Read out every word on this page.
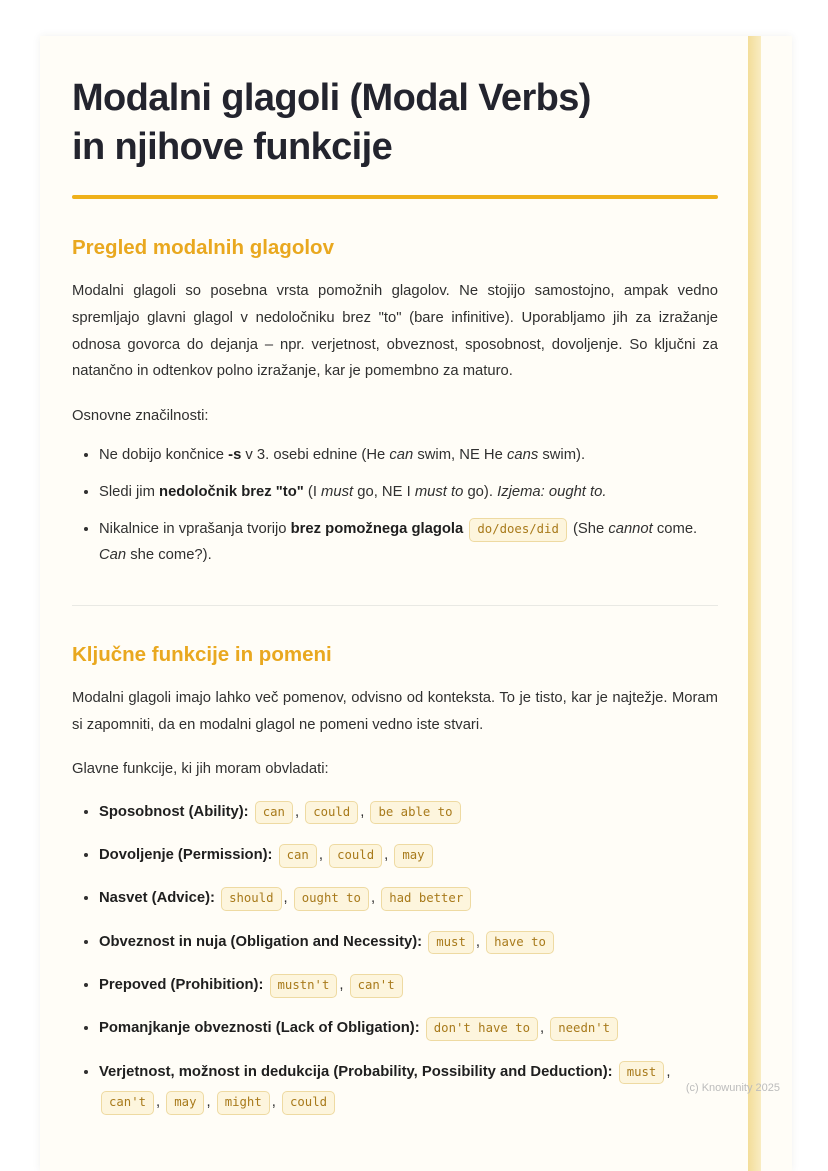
Modalni glagoli (Modal Verbs)
in njihove funkcije
Pregled modalnih glagolov

Modalni glagoli so posebna vrsta pomožnih glagolov. Ne stojijo samostojno, ampak vedno spremljajo glavni glagol v nedoločniku brez "to" (bare infinitive). Uporabljamo jih za izražanje odnosa govorca do dejanja – npr. verjetnost, obveznost, sposobnost, dovoljenje. So ključni za natančno in odtenkov polno izražanje, kar je pomembno za maturo.

Osnovne značilnosti:

• Ne dobijo končnice -s v 3. osebi ednine (He can swim, NE He cans swim).
• Sledi jim nedoločnik brez "to" (I must go, NE I must to go). Izjema: ought to.
• Nikalnice in vprašanja tvorijo brez pomožnega glagola do/does/did (She cannot come. Can she come?).
Ključne funkcije in pomeni

Modalni glagoli imajo lahko več pomenov, odvisno od konteksta. To je tisto, kar je najtežje. Moram si zapomniti, da en modalni glagol ne pomeni vedno iste stvari.

Glavne funkcije, ki jih moram obvladati:

• Sposobnost (Ability): can , could , be able to
• Dovoljenje (Permission): can , could , may
• Nasvet (Advice): should , ought to , had better
• Obveznost in nuja (Obligation and Necessity): must , have to
• Prepoved (Prohibition): mustn't , can't
• Pomanjkanje obveznosti (Lack of Obligation): don't have to , needn't
• Verjetnost, možnost in dedukcija (Probability, Possibility and Deduction): must , can't , may , might , could
(c) Knowunity 2025
